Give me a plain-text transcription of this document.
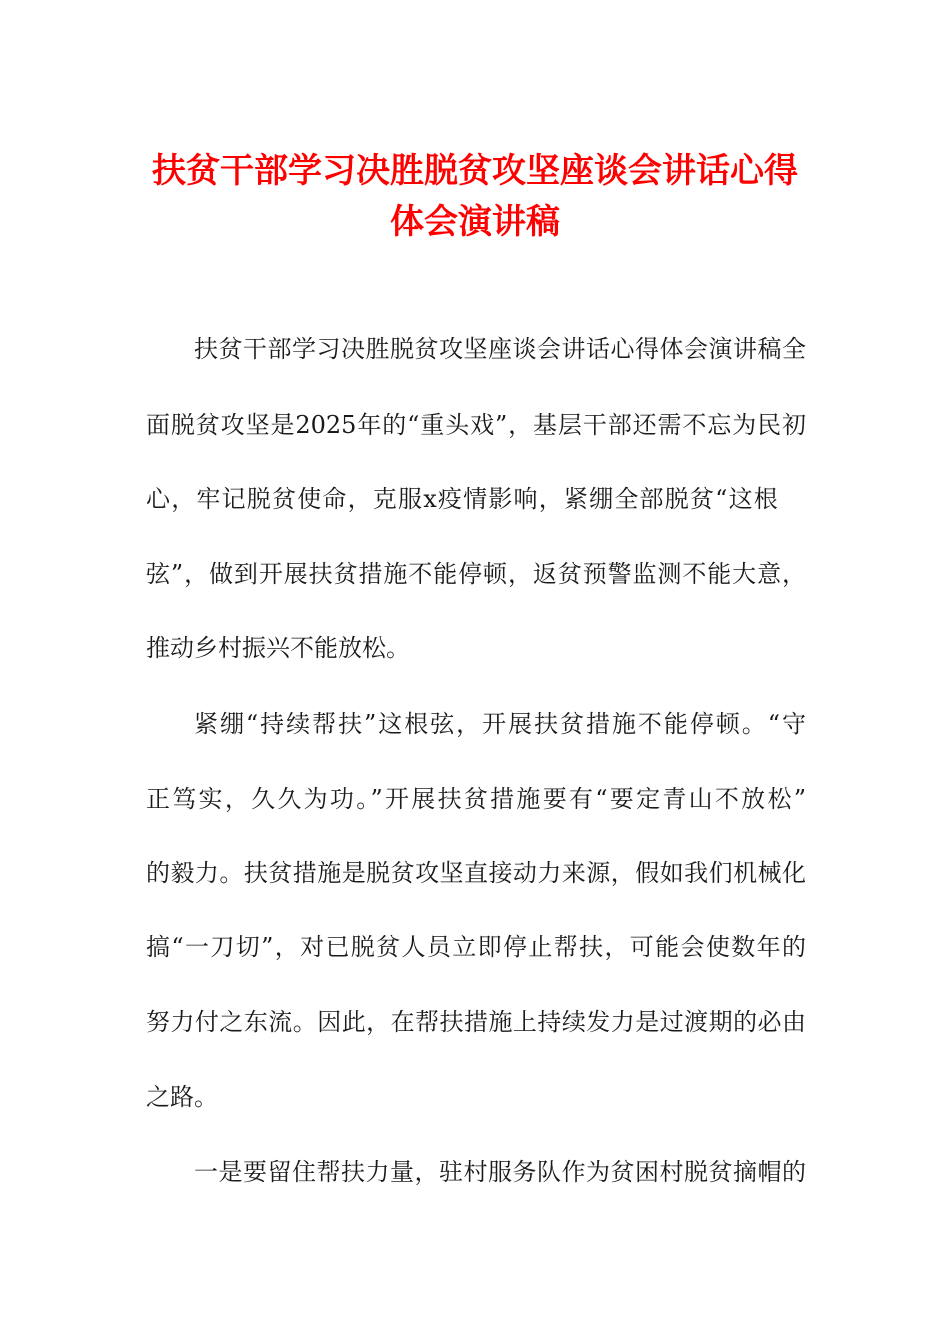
扶贫干部学习决胜脱贫攻坚座谈会讲话心得
体会演讲稿
扶贫干部学习决胜脱贫攻坚座谈会讲话心得体会演讲稿全
面脱贫攻坚是2025年的“重头戏”，基层干部还需不忘为民初
心，牢记脱贫使命，克服x疫情影响，紧绷全部脱贫“这根
弦”，做到开展扶贫措施不能停顿，返贫预警监测不能大意，
推动乡村振兴不能放松。
紧绷“持续帮扶”这根弦，开展扶贫措施不能停顿。“守
正笃实，久久为功。”开展扶贫措施要有“要定青山不放松”
的毅力。扶贫措施是脱贫攻坚直接动力来源，假如我们机械化
搞“一刀切”，对已脱贫人员立即停止帮扶，可能会使数年的
努力付之东流。因此，在帮扶措施上持续发力是过渡期的必由
之路。
一是要留住帮扶力量，驻村服务队作为贫困村脱贫摘帽的
